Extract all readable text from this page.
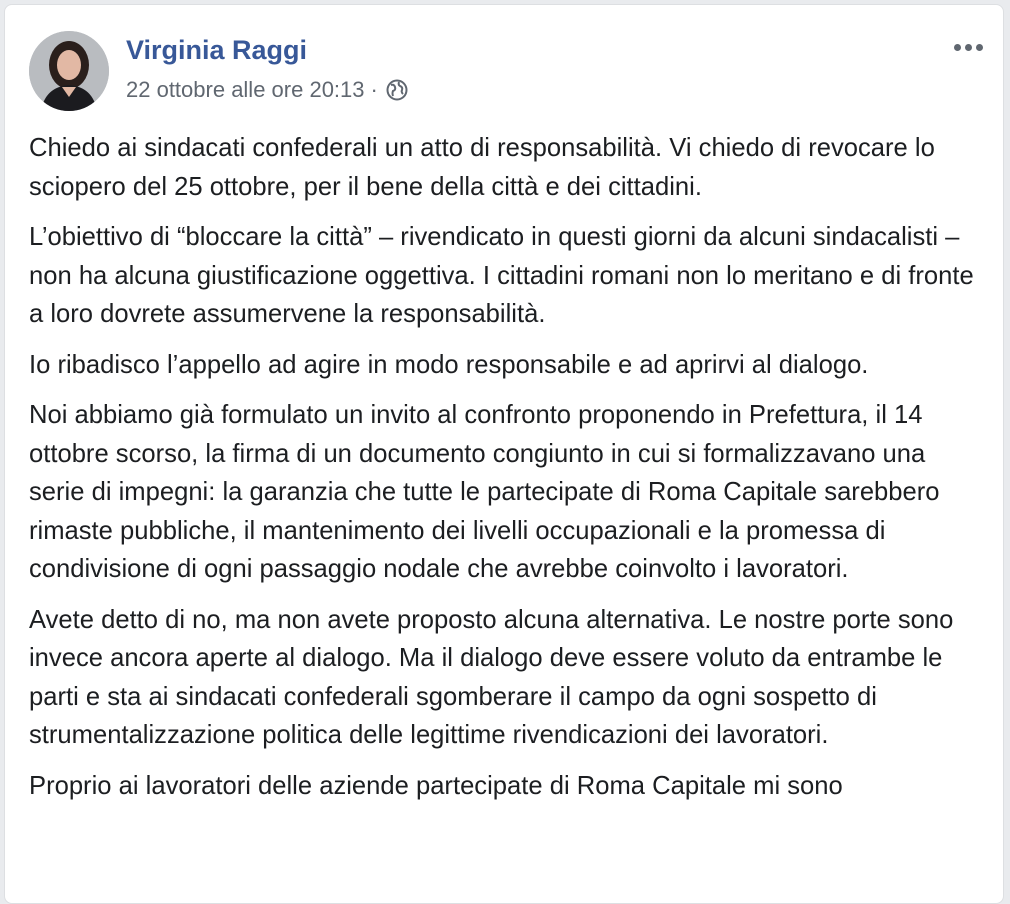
Virginia Raggi
22 ottobre alle ore 20:13 ·

Chiedo ai sindacati confederali un atto di responsabilità. Vi chiedo di revocare lo sciopero del 25 ottobre, per il bene della città e dei cittadini.

L’obiettivo di “bloccare la città” – rivendicato in questi giorni da alcuni sindacalisti – non ha alcuna giustificazione oggettiva. I cittadini romani non lo meritano e di fronte a loro dovrete assumervene la responsabilità.

Io ribadisco l’appello ad agire in modo responsabile e ad aprirvi al dialogo.

Noi abbiamo già formulato un invito al confronto proponendo in Prefettura, il 14 ottobre scorso, la firma di un documento congiunto in cui si formalizzavano una serie di impegni: la garanzia che tutte le partecipate di Roma Capitale sarebbero rimaste pubbliche, il mantenimento dei livelli occupazionali e la promessa di condivisione di ogni passaggio nodale che avrebbe coinvolto i lavoratori.

Avete detto di no, ma non avete proposto alcuna alternativa. Le nostre porte sono invece ancora aperte al dialogo. Ma il dialogo deve essere voluto da entrambe le parti e sta ai sindacati confederali sgomberare il campo da ogni sospetto di strumentalizzazione politica delle legittime rivendicazioni dei lavoratori.

Proprio ai lavoratori delle aziende partecipate di Roma Capitale mi sono
